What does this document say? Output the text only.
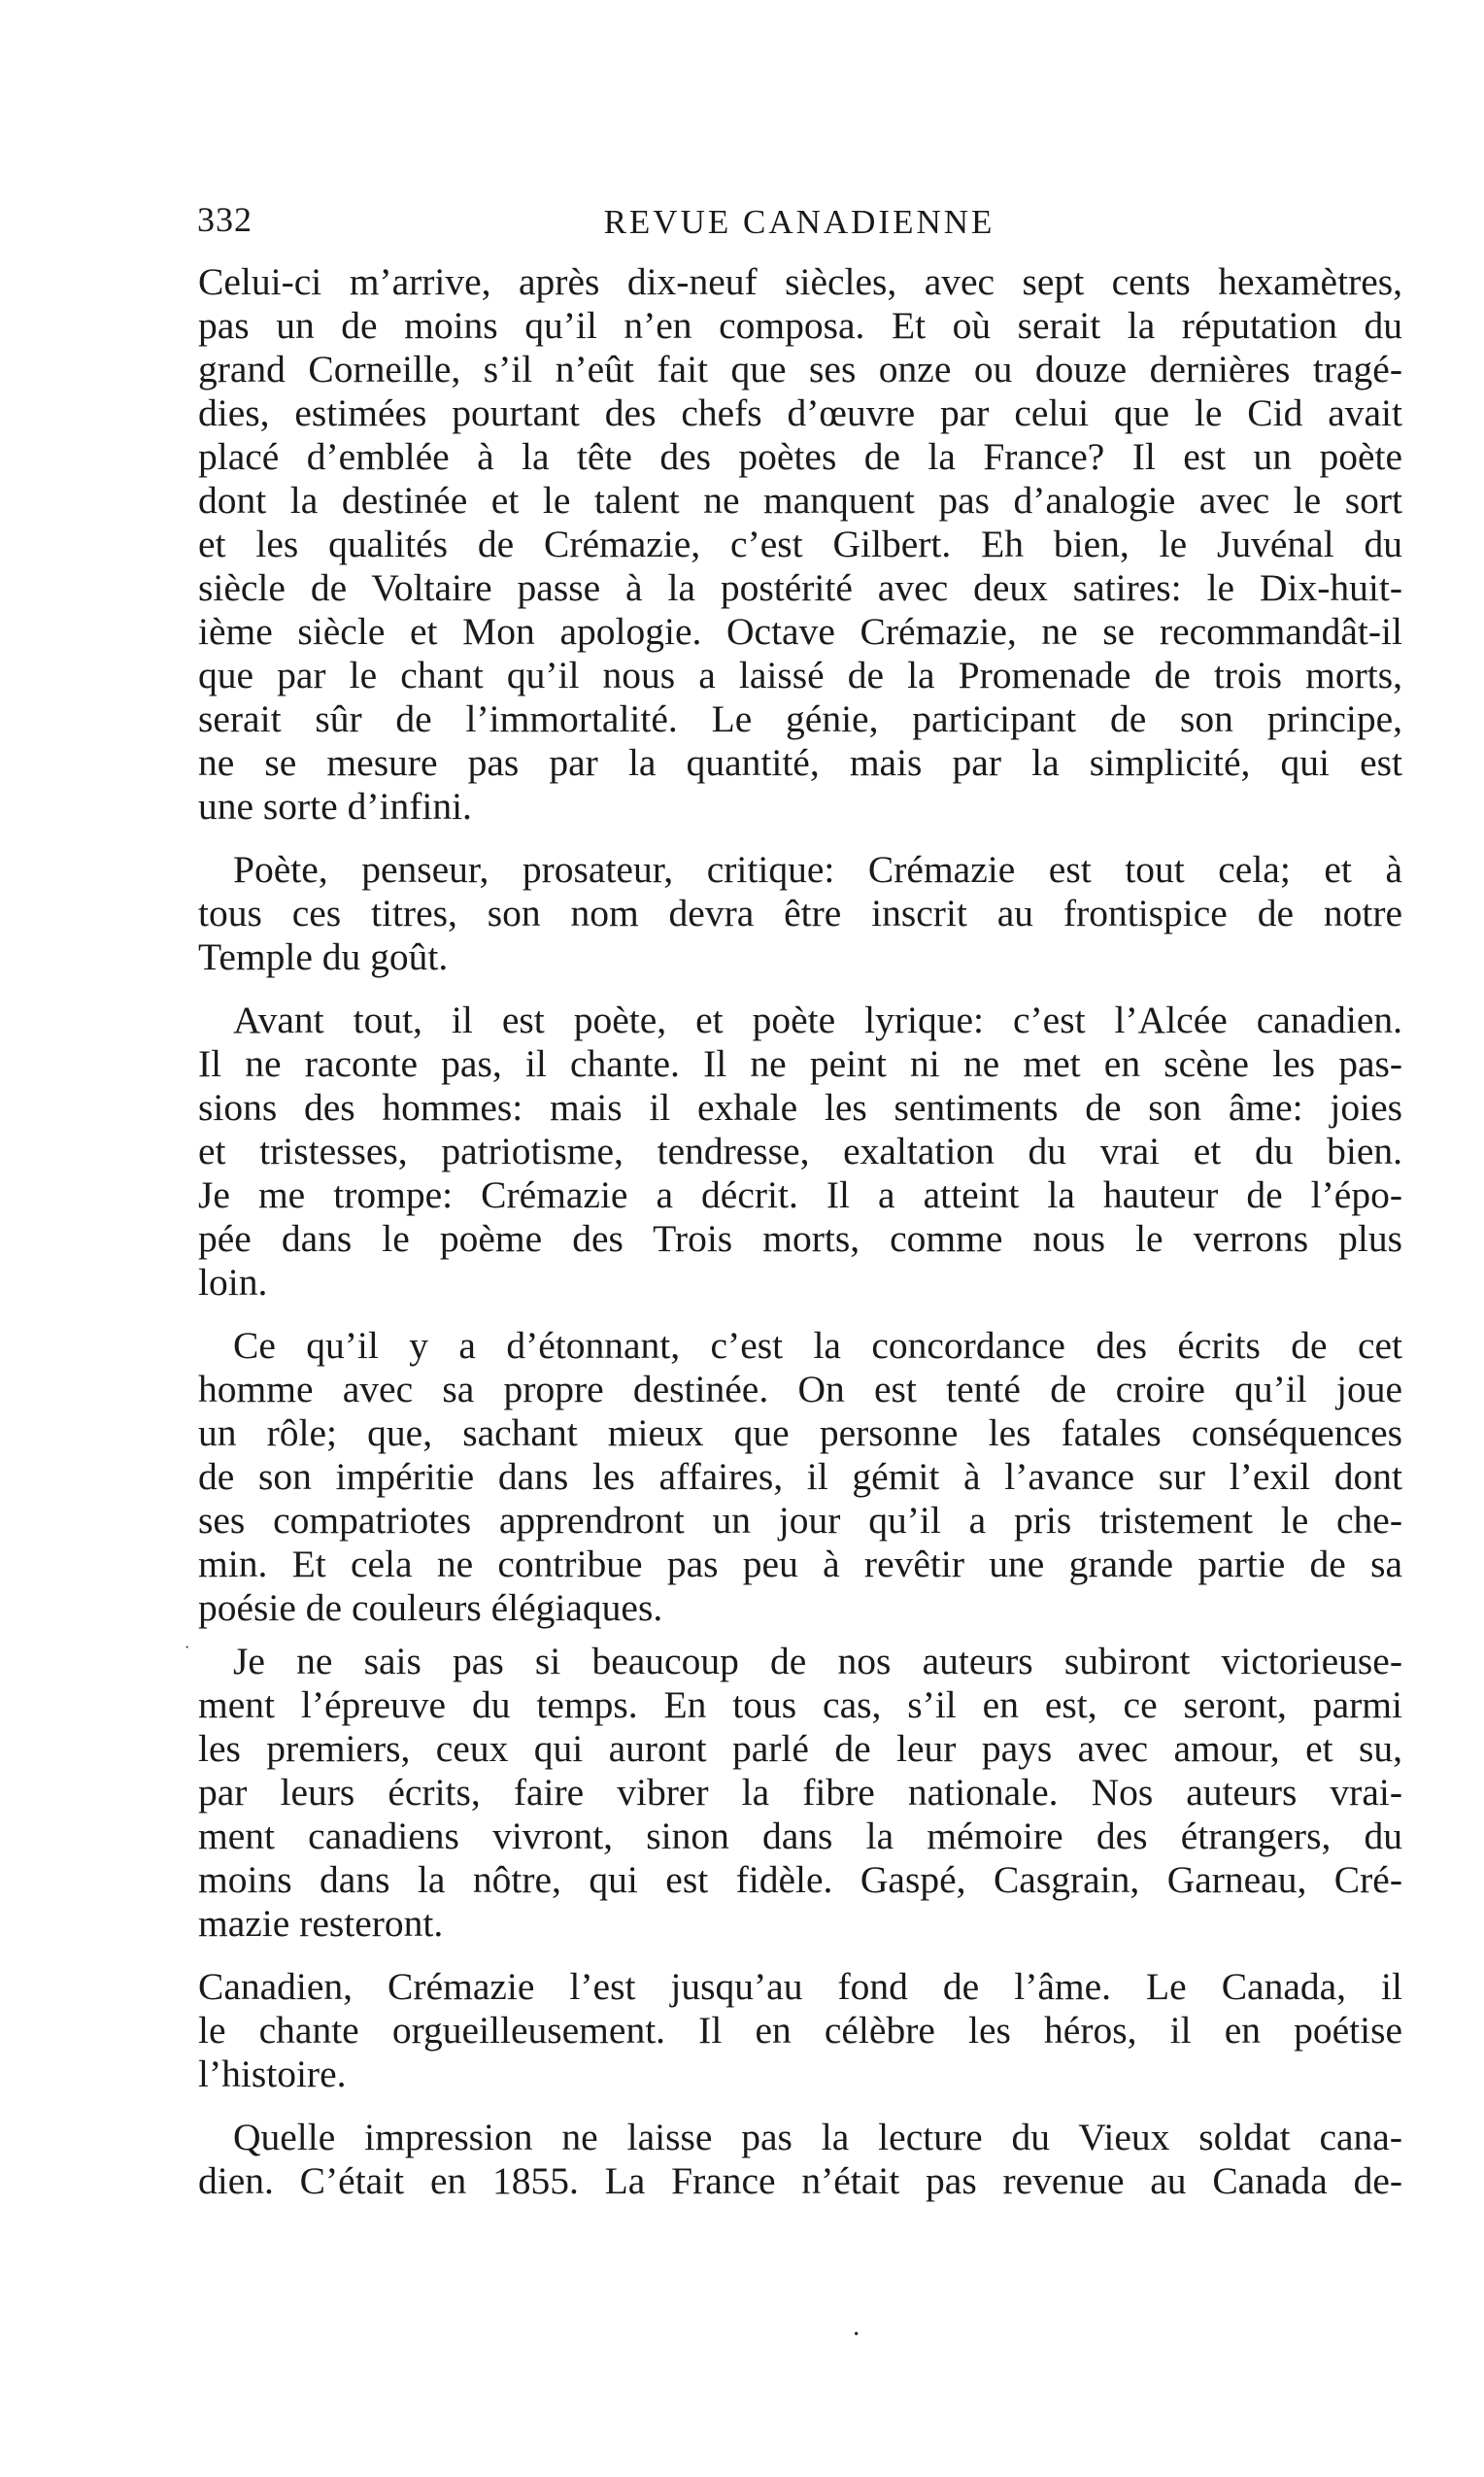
332	REVUE CANADIENNE
Celui-ci m’arrive, après dix-neuf siècles, avec sept cents hexamètres,
pas un de moins qu’il n’en composa. Et où serait la réputation du
grand Corneille, s’il n’eût fait que ses onze ou douze dernières tragé-
dies, estimées pourtant des chefs d’œuvre par celui que le Cid avait
placé d’emblée à la tête des poètes de la France? Il est un poète
dont la destinée et le talent ne manquent pas d’analogie avec le sort
et les qualités de Crémazie, c’est Gilbert. Eh bien, le Juvénal du
siècle de Voltaire passe à la postérité avec deux satires: le Dix-huit-
ième siècle et Mon apologie. Octave Crémazie, ne se recommandât-il
que par le chant qu’il nous a laissé de la Promenade de trois morts,
serait sûr de l’immortalité. Le génie, participant de son principe,
ne se mesure pas par la quantité, mais par la simplicité, qui est
une sorte d’infini.
Poète, penseur, prosateur, critique: Crémazie est tout cela; et à
tous ces titres, son nom devra être inscrit au frontispice de notre
Temple du goût.
Avant tout, il est poète, et poète lyrique: c’est l’Alcée canadien.
Il ne raconte pas, il chante. Il ne peint ni ne met en scène les pas-
sions des hommes: mais il exhale les sentiments de son âme: joies
et tristesses, patriotisme, tendresse, exaltation du vrai et du bien.
Je me trompe: Crémazie a décrit. Il a atteint la hauteur de l’épo-
pée dans le poème des Trois morts, comme nous le verrons plus
loin.
Ce qu’il y a d’étonnant, c’est la concordance des écrits de cet
homme avec sa propre destinée. On est tenté de croire qu’il joue
un rôle; que, sachant mieux que personne les fatales conséquences
de son impéritie dans les affaires, il gémit à l’avance sur l’exil dont
ses compatriotes apprendront un jour qu’il a pris tristement le che-
min. Et cela ne contribue pas peu à revêtir une grande partie de sa
poésie de couleurs élégiaques.
·	Je ne sais pas si beaucoup de nos auteurs subiront victorieuse-
ment l’épreuve du temps. En tous cas, s’il en est, ce seront, parmi
les premiers, ceux qui auront parlé de leur pays avec amour, et su,
par leurs écrits, faire vibrer la fibre nationale. Nos auteurs vrai-
ment canadiens vivront, sinon dans la mémoire des étrangers, du
moins dans la nôtre, qui est fidèle. Gaspé, Casgrain, Garneau, Cré-
mazie resteront.
Canadien, Crémazie l’est jusqu’au fond de l’âme. Le Canada, il
le chante orgueilleusement. Il en célèbre les héros, il en poétise
l’histoire.
Quelle impression ne laisse pas la lecture du Vieux soldat cana-
dien. C’était en 1855. La France n’était pas revenue au Canada de-
·
